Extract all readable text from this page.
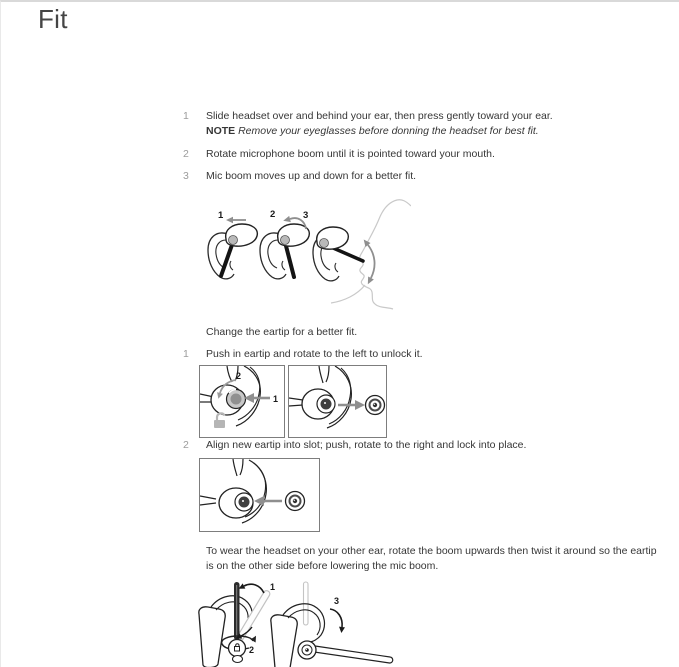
Fit
1 Slide headset over and behind your ear, then press gently toward your ear.
NOTE Remove your eyeglasses before donning the headset for best fit.
2 Rotate microphone boom until it is pointed toward your mouth.
3 Mic boom moves up and down for a better fit.
1	2	3
Change the eartip for a better fit.
1 Push in eartip and rotate to the left to unlock it.
1
2
2 Align new eartip into slot; push, rotate to the right and lock into place.
To wear the headset on your other ear, rotate the boom upwards then twist it around so the eartip
is on the other side before lowering the mic boom.
1
2
3
